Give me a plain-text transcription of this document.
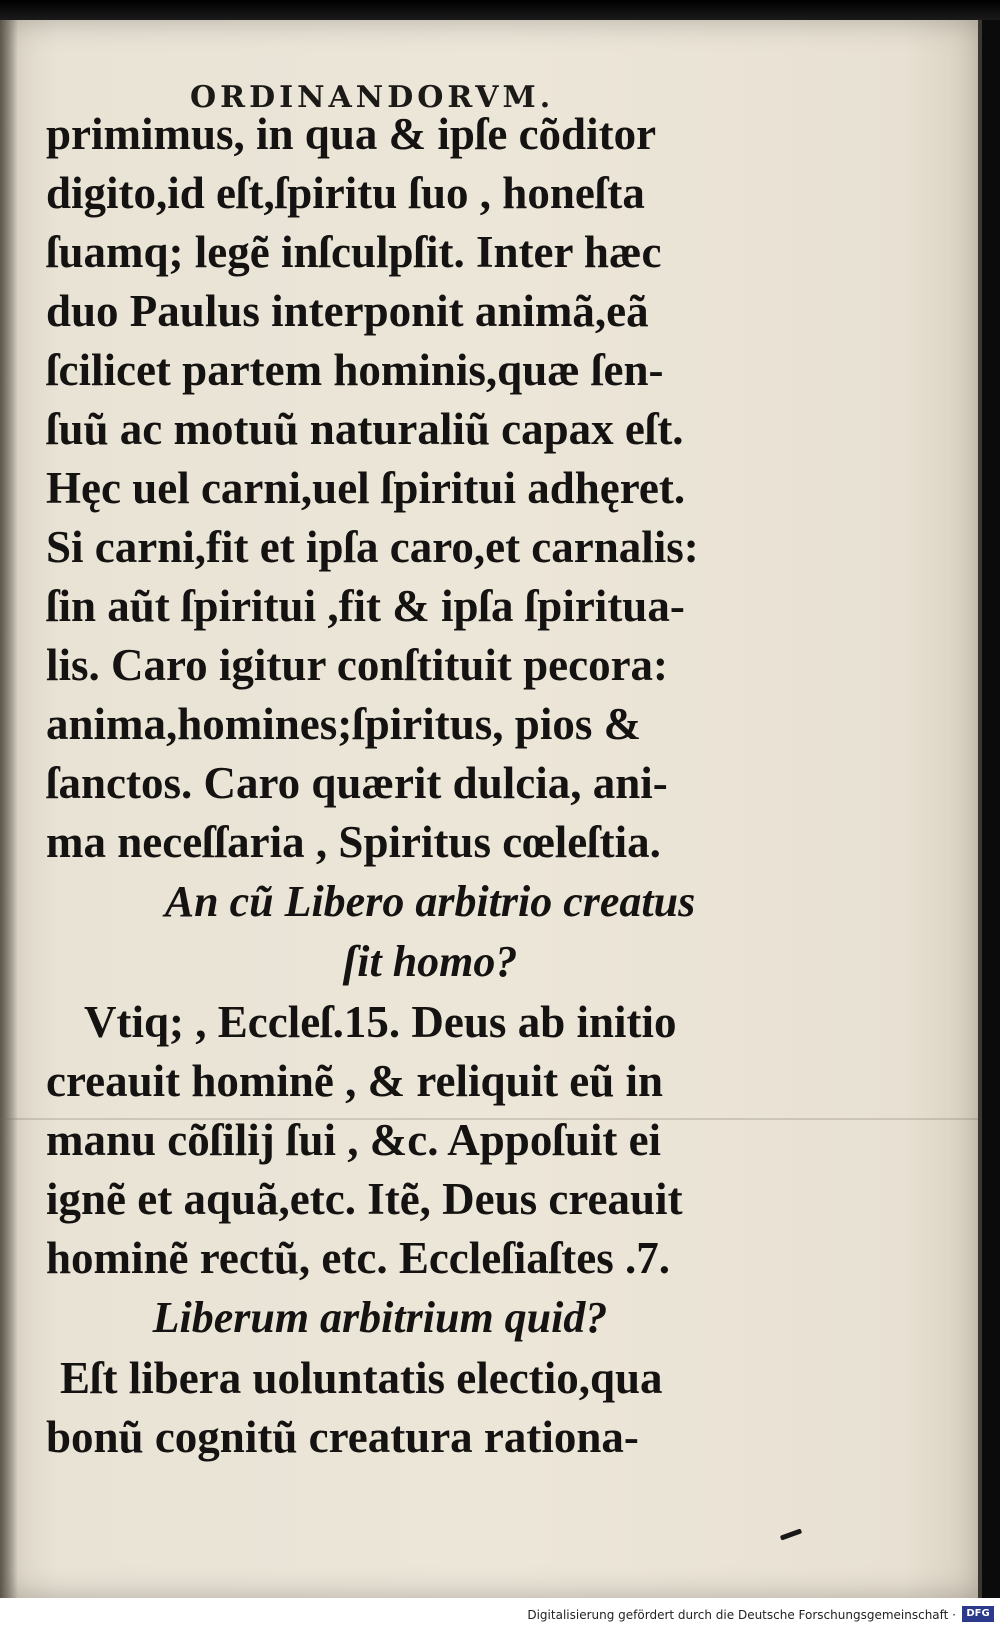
ORDINANDORVM.
primimus, in qua & ipſe cõditor
digito,id eſt,ſpiritu ſuo , honeſta
ſuamq; legẽ inſculpſit. Inter hæc
duo Paulus interponit animã,eã
ſcilicet partem hominis,quæ ſen-
ſuũ ac motuũ naturaliũ capax eſt.
Hęc uel carni,uel ſpiritui adhęret.
Si carni,fit et ipſa caro,et carnalis:
ſin aũt ſpiritui ,fit & ipſa ſpiritua-
lis. Caro igitur conſtituit pecora:
anima,homines;ſpiritus, pios &
ſanctos. Caro quærit dulcia, ani-
ma neceſſaria , Spiritus cœleſtia.
An cũ Libero arbitrio creatus
ſit homo?
Vtiq; , Eccleſ.15. Deus ab initio
creauit hominẽ , & reliquit eũ in
manu cõſilij ſui , &c. Appoſuit ei
ignẽ et aquã,etc. Itẽ, Deus creauit
hominẽ rectũ, etc. Eccleſiaſtes .7.
Liberum arbitrium quid?
Eſt libera uoluntatis electio,qua
bonũ cognitũ creatura rationa-
Digitalisierung gefördert durch die Deutsche Forschungsgemeinschaft ·	DFG
